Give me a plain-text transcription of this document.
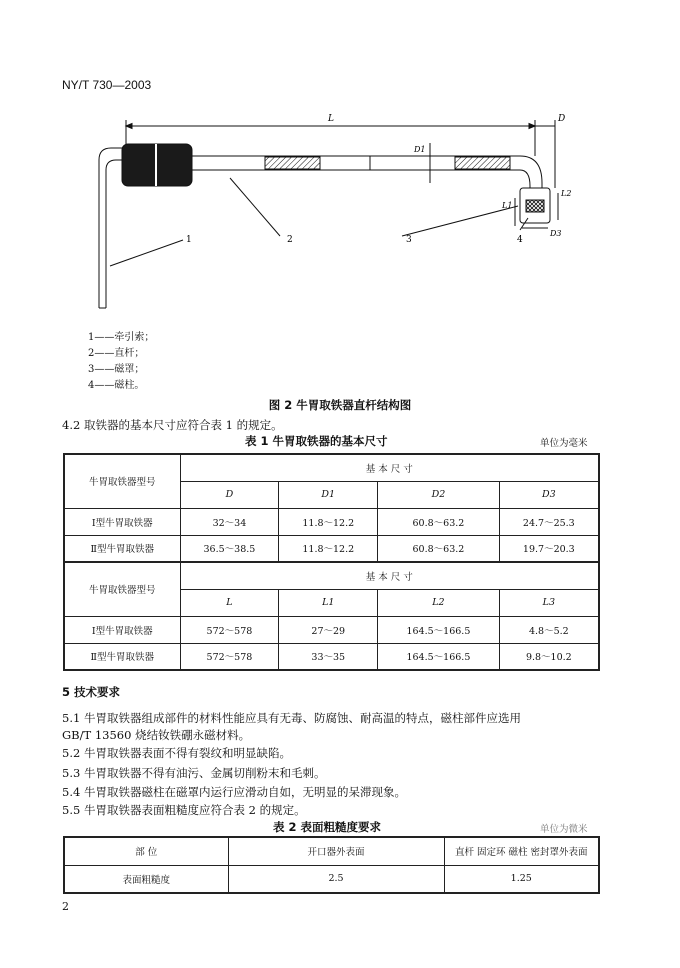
NY/T 730—2003
L	D
D1
L1
L2
D3
1	2	3	4
1——牵引索；
2——直杆；
3——磁罩；
4——磁柱。
图 2 牛胃取铁器直杆结构图
4.2 取铁器的基本尺寸应符合表 1 的规定。
表 1 牛胃取铁器的基本尺寸	单位为毫米
牛胃取铁器型号	基 本 尺 寸			
	D	D1	D2	D3
Ⅰ型牛胃取铁器	32～34	11.8～12.2	60.8～63.2	24.7～25.3
Ⅱ型牛胃取铁器	36.5～38.5	11.8～12.2	60.8～63.2	19.7～20.3
牛胃取铁器型号	基 本 尺 寸			
	L	L1	L2	L3
Ⅰ型牛胃取铁器	572～578	27～29	164.5～166.5	4.8～5.2
Ⅱ型牛胃取铁器	572～578	33～35	164.5～166.5	9.8～10.2
5 技术要求
5.1 牛胃取铁器组成部件的材料性能应具有无毒、防腐蚀、耐高温的特点，磁柱部件应选用
GB/T 13560 烧结钕铁硼永磁材料。
5.2 牛胃取铁器表面不得有裂纹和明显缺陷。
5.3 牛胃取铁器不得有油污、金属切削粉末和毛刺。
5.4 牛胃取铁器磁柱在磁罩内运行应滑动自如，无明显的呆滞现象。
5.5 牛胃取铁器表面粗糙度应符合表 2 的规定。
表 2 表面粗糙度要求	单位为微米
部 位	开口器外表面	直杆 固定环 磁柱 密封罩外表面
表面粗糙度	2.5	1.25
2
